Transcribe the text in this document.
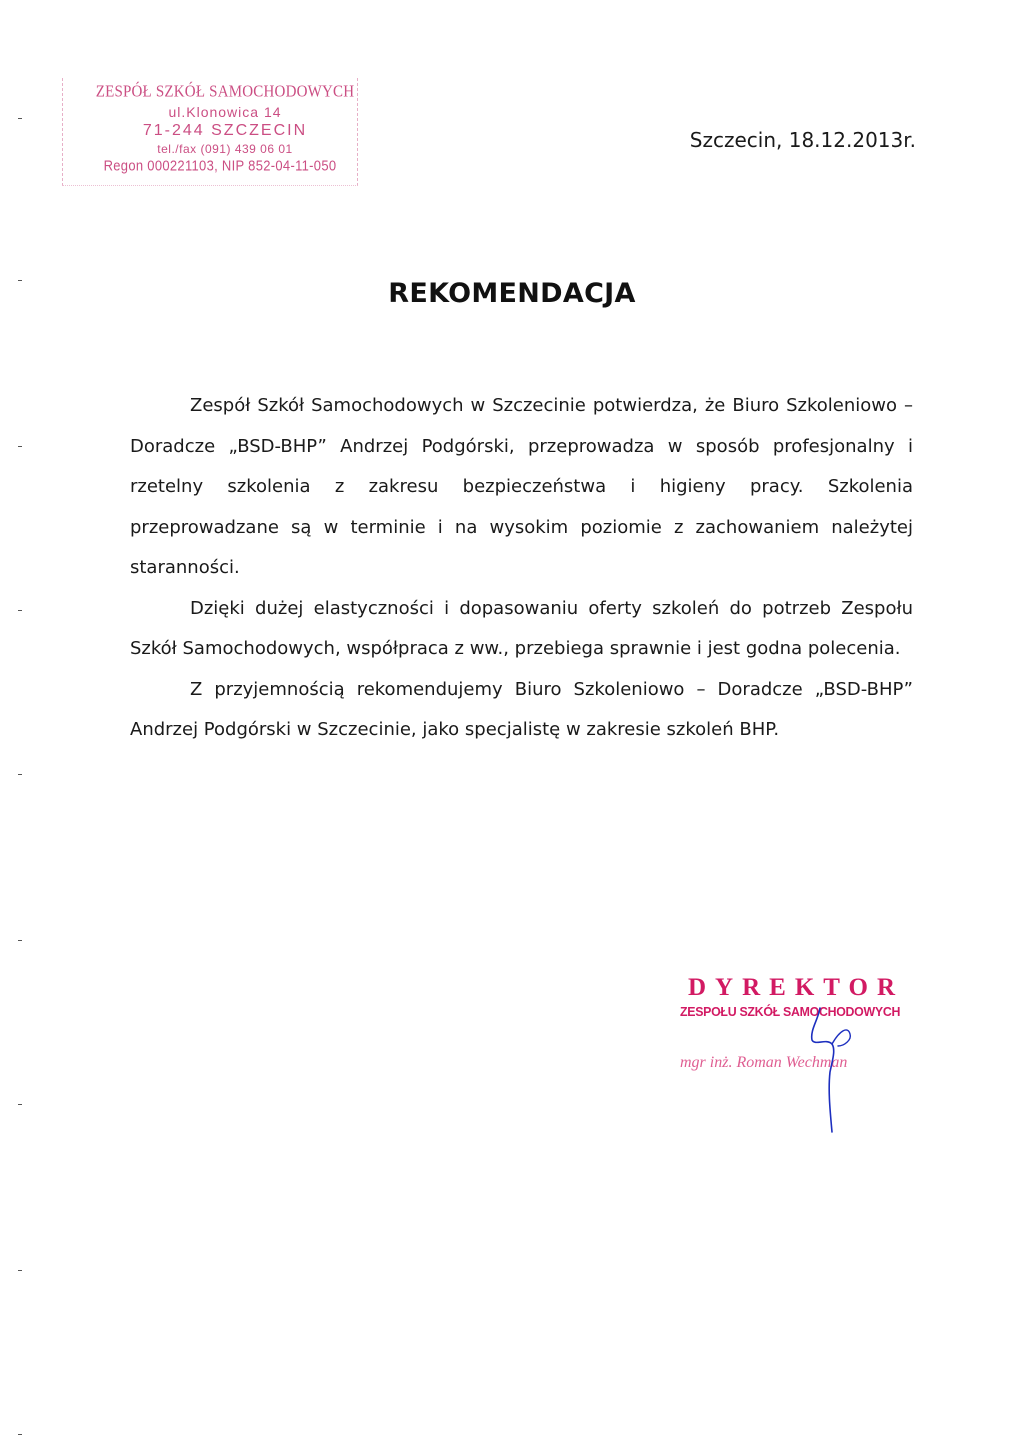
ZESPÓŁ SZKÓŁ SAMOCHODOWYCH
ul.Klonowica 14
71-244 SZCZECIN
tel./fax (091) 439 06 01
Regon 000221103, NIP 852-04-11-050
Szczecin, 18.12.2013r.
REKOMENDACJA

Zespół Szkół Samochodowych w Szczecinie potwierdza, że Biuro Szkoleniowo – Doradcze „BSD-BHP” Andrzej Podgórski, przeprowadza w sposób profesjonalny i rzetelny szkolenia z zakresu bezpieczeństwa i higieny pracy. Szkolenia przeprowadzane są w terminie i na wysokim poziomie z zachowaniem należytej staranności.

Dzięki dużej elastyczności i dopasowaniu oferty szkoleń do potrzeb Zespołu Szkół Samochodowych, współpraca z ww., przebiega sprawnie i jest godna polecenia.

Z przyjemnością rekomendujemy Biuro Szkoleniowo – Doradcze „BSD-BHP” Andrzej Podgórski w Szczecinie, jako specjalistę w zakresie szkoleń BHP.

DYREKTOR
ZESPOŁU SZKÓŁ SAMOCHODOWYCH
mgr inż. Roman Wechman
